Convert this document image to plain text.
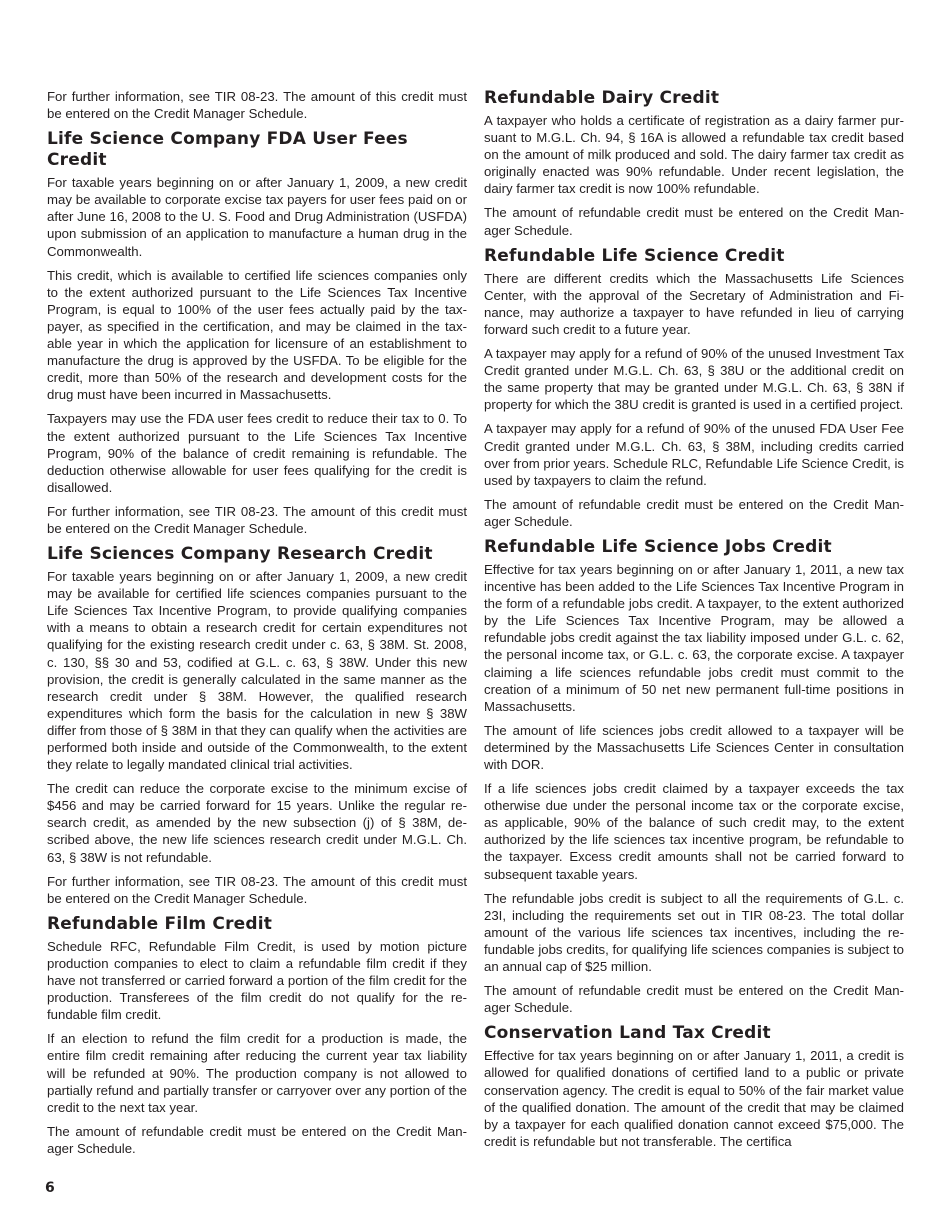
For further information, see TIR 08-23. The amount of this credit must be entered on the Credit Manager Schedule.

Life Science Company FDA User Fees Credit

For taxable years beginning on or after January 1, 2009, a new credit may be available to corporate excise tax payers for user fees paid on or after June 16, 2008 to the U. S. Food and Drug Administration (USFDA) upon submission of an application to manufacture a human drug in the Commonwealth.

This credit, which is available to certified life sciences companies only to the extent authorized pursuant to the Life Sciences Tax Incentive Program, is equal to 100% of the user fees actually paid by the taxpayer, as specified in the certification, and may be claimed in the taxable year in which the application for licensure of an establishment to manufacture the drug is approved by the USFDA. To be eligible for the credit, more than 50% of the research and development costs for the drug must have been incurred in Massachusetts.

Taxpayers may use the FDA user fees credit to reduce their tax to 0. To the extent authorized pursuant to the Life Sciences Tax Incentive Program, 90% of the balance of credit remaining is refundable. The deduction otherwise allowable for user fees qualifying for the credit is disallowed.

For further information, see TIR 08-23. The amount of this credit must be entered on the Credit Manager Schedule.

Life Sciences Company Research Credit

For taxable years beginning on or after January 1, 2009, a new credit may be available for certified life sciences companies pursuant to the Life Sciences Tax Incentive Program, to provide qualifying companies with a means to obtain a research credit for certain expenditures not qualifying for the existing research credit under c. 63, § 38M. St. 2008, c. 130, §§ 30 and 53, codified at G.L. c. 63, § 38W. Under this new provision, the credit is generally calculated in the same manner as the research credit under § 38M. However, the qualified research expenditures which form the basis for the calculation in new § 38W differ from those of § 38M in that they can qualify when the activities are performed both inside and outside of the Commonwealth, to the extent they relate to legally mandated clinical trial activities.

The credit can reduce the corporate excise to the minimum excise of $456 and may be carried forward for 15 years. Unlike the regular research credit, as amended by the new subsection (j) of § 38M, described above, the new life sciences research credit under M.G.L. Ch. 63, § 38W is not refundable.

For further information, see TIR 08-23. The amount of this credit must be entered on the Credit Manager Schedule.

Refundable Film Credit

Schedule RFC, Refundable Film Credit, is used by motion picture production companies to elect to claim a refundable film credit if they have not transferred or carried forward a portion of the film credit for the production. Transferees of the film credit do not qualify for the refundable film credit.

If an election to refund the film credit for a production is made, the entire film credit remaining after reducing the current year tax liability will be refunded at 90%. The production company is not allowed to partially refund and partially transfer or carryover over any portion of the credit to the next tax year.

The amount of refundable credit must be entered on the Credit Manager Schedule.

Refundable Dairy Credit

A taxpayer who holds a certificate of registration as a dairy farmer pursuant to M.G.L. Ch. 94, § 16A is allowed a refundable tax credit based on the amount of milk produced and sold. The dairy farmer tax credit as originally enacted was 90% refundable. Under recent legislation, the dairy farmer tax credit is now 100% refundable.

The amount of refundable credit must be entered on the Credit Manager Schedule.

Refundable Life Science Credit

There are different credits which the Massachusetts Life Sciences Center, with the approval of the Secretary of Administration and Finance, may authorize a taxpayer to have refunded in lieu of carrying forward such credit to a future year.

A taxpayer may apply for a refund of 90% of the unused Investment Tax Credit granted under M.G.L. Ch. 63, § 38U or the additional credit on the same property that may be granted under M.G.L. Ch. 63, § 38N if property for which the 38U credit is granted is used in a certified project.

A taxpayer may apply for a refund of 90% of the unused FDA User Fee Credit granted under M.G.L. Ch. 63, § 38M, including credits carried over from prior years. Schedule RLC, Refundable Life Science Credit, is used by taxpayers to claim the refund.

The amount of refundable credit must be entered on the Credit Manager Schedule.

Refundable Life Science Jobs Credit

Effective for tax years beginning on or after January 1, 2011, a new tax incentive has been added to the Life Sciences Tax Incentive Program in the form of a refundable jobs credit. A taxpayer, to the extent authorized by the Life Sciences Tax Incentive Program, may be allowed a refundable jobs credit against the tax liability imposed under G.L. c. 62, the personal income tax, or G.L. c. 63, the corporate excise. A taxpayer claiming a life sciences refundable jobs credit must commit to the creation of a minimum of 50 net new permanent full-time positions in Massachusetts.

The amount of life sciences jobs credit allowed to a taxpayer will be determined by the Massachusetts Life Sciences Center in consultation with DOR.

If a life sciences jobs credit claimed by a taxpayer exceeds the tax otherwise due under the personal income tax or the corporate excise, as applicable, 90% of the balance of such credit may, to the extent authorized by the life sciences tax incentive program, be refundable to the taxpayer. Excess credit amounts shall not be carried forward to subsequent taxable years.

The refundable jobs credit is subject to all the requirements of G.L. c. 23I, including the requirements set out in TIR 08-23. The total dollar amount of the various life sciences tax incentives, including the refundable jobs credits, for qualifying life sciences companies is subject to an annual cap of $25 million.

The amount of refundable credit must be entered on the Credit Manager Schedule.

Conservation Land Tax Credit

Effective for tax years beginning on or after January 1, 2011, a credit is allowed for qualified donations of certified land to a public or private conservation agency. The credit is equal to 50% of the fair market value of the qualified donation. The amount of the credit that may be claimed by a taxpayer for each qualified donation cannot exceed $75,000. The credit is refundable but not transferable. The certifica

6
